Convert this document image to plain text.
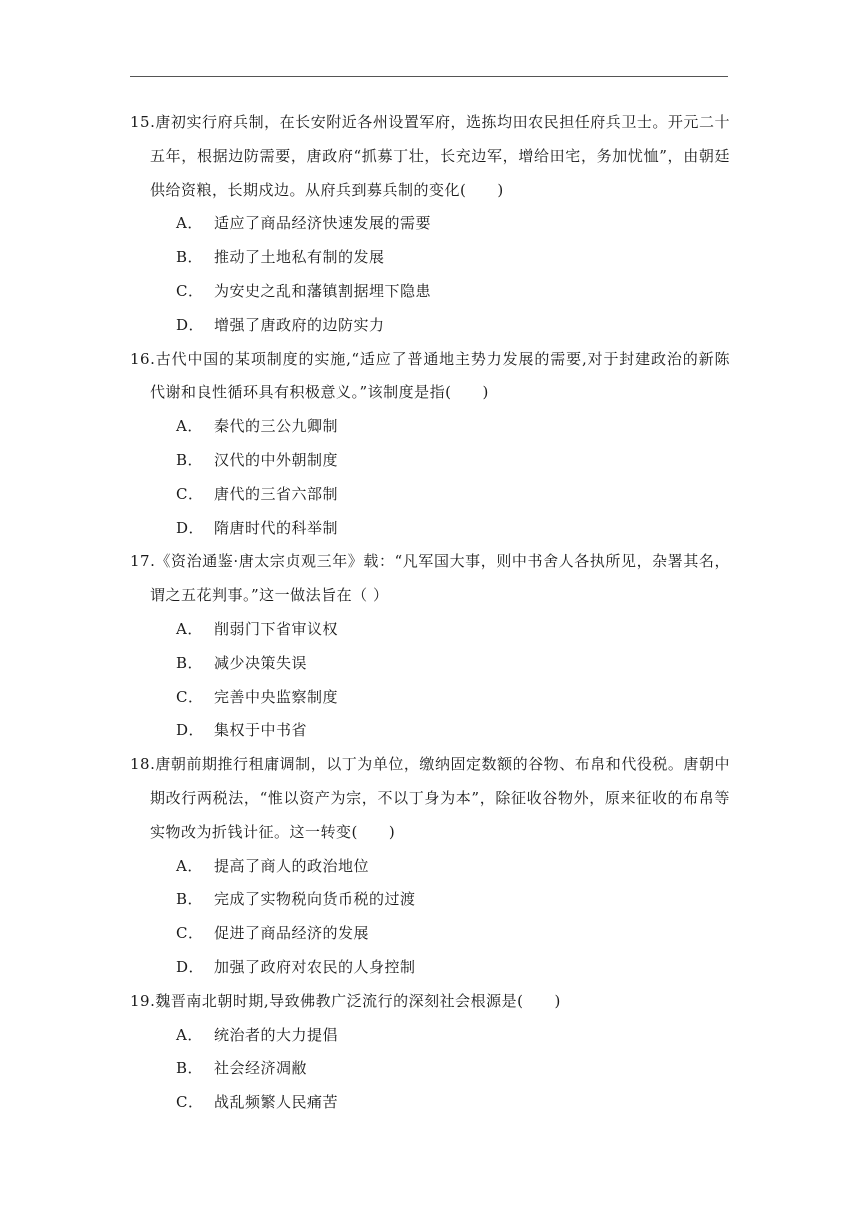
15.唐初实行府兵制，在长安附近各州设置军府，选拣均田农民担任府兵卫士。开元二十五年，根据边防需要，唐政府“抓募丁壮，长充边军，增给田宅，务加忧恤”，由朝廷供给资粮，长期戍边。从府兵到募兵制的变化(　　)
A． 适应了商品经济快速发展的需要
B． 推动了土地私有制的发展
C． 为安史之乱和藩镇割据埋下隐患
D． 增强了唐政府的边防实力
16.古代中国的某项制度的实施,“适应了普通地主势力发展的需要,对于封建政治的新陈代谢和良性循环具有积极意义。”该制度是指(　　)
A． 秦代的三公九卿制
B． 汉代的中外朝制度
C． 唐代的三省六部制
D． 隋唐时代的科举制
17.《资治通鉴·唐太宗贞观三年》载：“凡军国大事，则中书舍人各执所见，杂署其名，谓之五花判事。”这一做法旨在（ ）
A． 削弱门下省审议权
B． 减少决策失误
C． 完善中央监察制度
D． 集权于中书省
18.唐朝前期推行租庸调制，以丁为单位，缴纳固定数额的谷物、布帛和代役税。唐朝中期改行两税法，“惟以资产为宗，不以丁身为本”，除征收谷物外，原来征收的布帛等实物改为折钱计征。这一转变(　　)
A． 提高了商人的政治地位
B． 完成了实物税向货币税的过渡
C． 促进了商品经济的发展
D． 加强了政府对农民的人身控制
19.魏晋南北朝时期,导致佛教广泛流行的深刻社会根源是(　　)
A． 统治者的大力提倡
B． 社会经济凋敝
C． 战乱频繁人民痛苦
